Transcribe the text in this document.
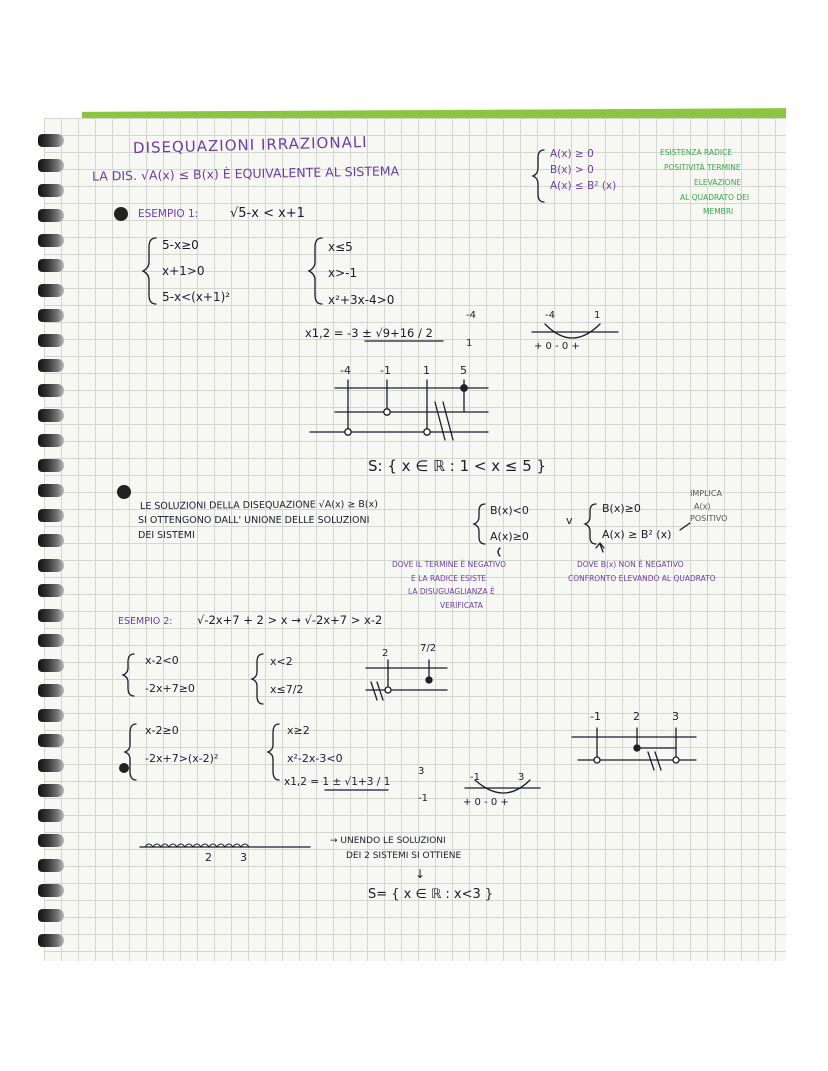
DISEQUAZIONI IRRAZIONALI
LA DIS. √A(x) ≤ B(x) È EQUIVALENTE AL SISTEMA
A(x) ≥ 0
B(x) > 0
A(x) ≤ B² (x)
ESISTENZA RADICE
POSITIVITÀ TERMINE
ELEVAZIONE
AL QUADRATO DEI
MEMBRI
ESEMPIO 1: √5-x < x+1
5-x≥0
x+1>0
5-x<(x+1)²
x≤5
x>-1
x²+3x-4>0
x1,2 = -3 ± √9+16 / 2
-4
1
-4	1
+ 0 - 0 +
-4	-1	1	5
S: { x ∈ ℝ : 1 < x ≤ 5 }
LE SOLUZIONI DELLA DISEQUAZIONE √A(x) ≥ B(x)
SI OTTENGONO DALL' UNIONE DELLE SOLUZIONI
DEI SISTEMI
B(x)<0
A(x)≥0
v
B(x)≥0
A(x) ≥ B² (x)
IMPLICA
A(x)
POSITIVO
DOVE IL TERMINE È NEGATIVO
E LA RADICE ESISTE
LA DISUGUAGLIANZA È
VERIFICATA
DOVE B(x) NON È NEGATIVO
CONFRONTO ELEVANDO AL QUADRATO
ESEMPIO 2: √-2x+7 + 2 > x → √-2x+7 > x-2
x-2<0
-2x+7≥0
x<2
x≤7/2
2	7/2
x-2≥0
-2x+7>(x-2)²
x≥2
x²-2x-3<0
x1,2 = 1 ± √1+3 / 1
3
-1
-1	3
+ 0 - 0 +
-1	2	3
2	3
→ UNENDO LE SOLUZIONI
DEI 2 SISTEMI SI OTTIENE
↓
S= { x ∈ ℝ : x<3 }
